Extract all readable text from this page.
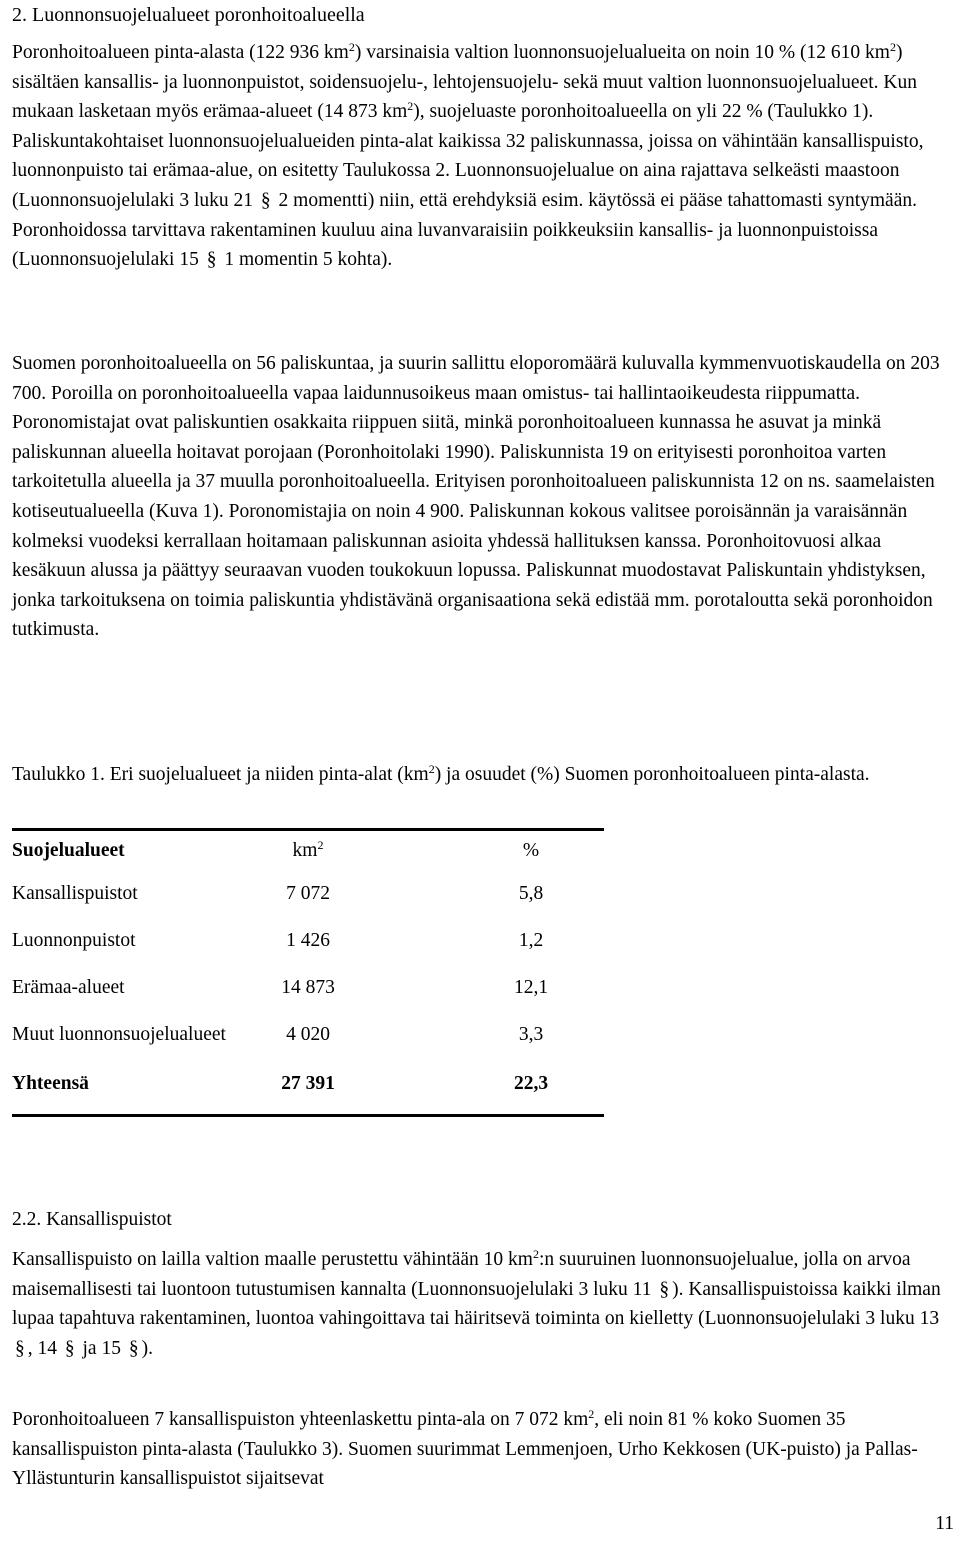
2. Luonnonsuojelualueet poronhoitoalueella

Poronhoitoalueen pinta-alasta (122 936 $km^2$) varsinaisia valtion luonnonsuojelualueita on noin 10 % (12 610 $km^2$) sisältäen kansallis- ja luonnonpuistot, soidensuojelu-, lehtojensuojelu- sekä muut valtion luonnonsuojelualueet. Kun mukaan lasketaan myös erämaa-alueet (14 873 $km^2$), suojeluaste poronhoitoalueella on yli 22 % (Taulukko 1). Paliskuntakohtaiset luonnonsuojelualueiden pinta-alat kaikissa 32 paliskunnassa, joissa on vähintään kansallispuisto, luonnonpuisto tai erämaa-alue, on esitetty Taulukossa 2. Luonnonsuojelualue on aina rajattava selkeästi maastoon (Luonnonsuojelulaki 3 luku 21 § 2 momentti) niin, että erehdyksiä esim. käytössä ei pääse tahattomasti syntymään. Poronhoidossa tarvittava rakentaminen kuuluu aina luvanvaraisiin poikkeuksiin kansallis- ja luonnonpuistoissa (Luonnonsuojelulaki 15 § 1 momentin 5 kohta).

Suomen poronhoitoalueella on 56 paliskuntaa, ja suurin sallittu eloporomäärä kuluvalla kymmenvuotiskaudella on 203 700. Poroilla on poronhoitoalueella vapaa laidunnusoikeus maan omistus- tai hallintaoikeudesta riippumatta. Poronomistajat ovat paliskuntien osakkaita riippuen siitä, minkä poronhoitoalueen kunnassa he asuvat ja minkä paliskunnan alueella hoitavat porojaan (Poronhoitolaki 1990). Paliskunnista 19 on erityisesti poronhoitoa varten tarkoitetulla alueella ja 37 muulla poronhoitoalueella. Erityisen poronhoitoalueen paliskunnista 12 on ns. saamelaisten kotiseutualueella (Kuva 1). Poronomistajia on noin 4 900. Paliskunnan kokous valitsee poroisännän ja varaisännän kolmeksi vuodeksi kerrallaan hoitamaan paliskunnan asioita yhdessä hallituksen kanssa. Poronhoitovuosi alkaa kesäkuun alussa ja päättyy seuraavan vuoden toukokuun lopussa. Paliskunnat muodostavat Paliskuntain yhdistyksen, jonka tarkoituksena on toimia paliskuntia yhdistävänä organisaationa sekä edistää mm. porotaloutta sekä poronhoidon tutkimusta.

Taulukko 1. Eri suojelualueet ja niiden pinta-alat $(km^2)$ ja osuudet (%) Suomen poronhoitoalueen pinta-alasta.

Suojelualueet	$km^2$	%
Kansallispuistot	7 072	5,8
Luonnonpuistot	1 426	1,2
Erämaa-alueet	14 873	12,1
Muut luonnonsuojelualueet	4 020	3,3
Yhteensä	27 391	22,3
2.2. Kansallispuistot

Kansallispuisto on lailla valtion maalle perustettu vähintään 10 $km^2:n$ suuruinen luonnonsuojelualue, jolla on arvoa maisemallisesti tai luontoon tutustumisen kannalta (Luonnonsuojelulaki 3 luku 11 § ). Kansallispuistoissa kaikki ilman lupaa tapahtuva rakentaminen, luontoa vahingoittava tai häiritsevä toiminta on kielletty (Luonnonsuojelulaki 3 luku 13 § , 14 § ja 15 § ).

Poronhoitoalueen 7 kansallispuiston yhteenlaskettu pinta-ala on 7 072 $km^2$, eli noin 81 % koko Suomen 35 kansallispuiston pinta-alasta (Taulukko 3). Suomen suurimmat Lemmenjoen, Urho Kekkosen (UK-puisto) ja Pallas-Yllästunturin kansallispuistot sijaitsevat

11
